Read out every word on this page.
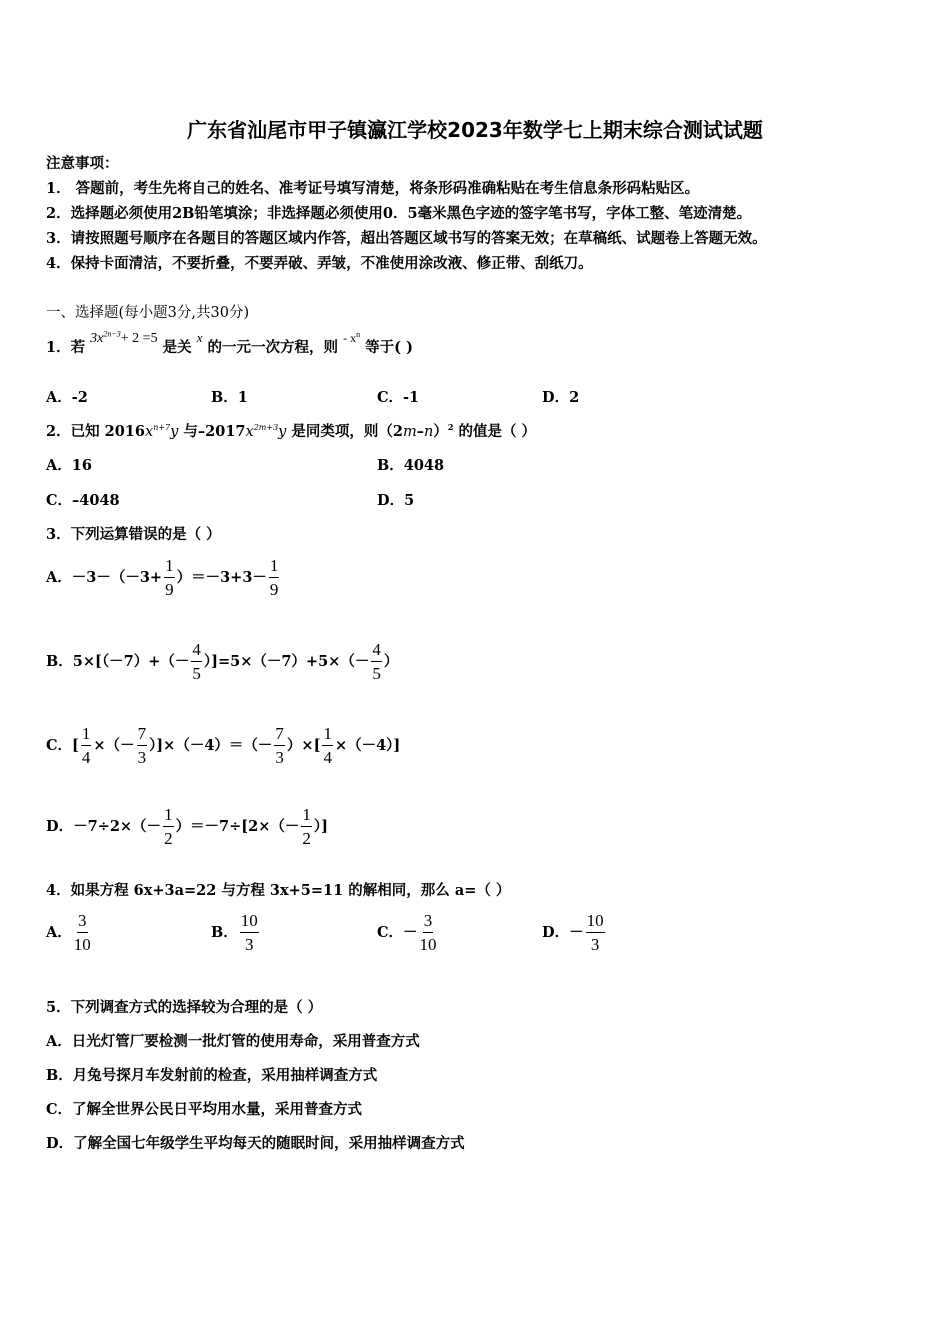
广东省汕尾市甲子镇瀛江学校2023年数学七上期末综合测试试题
注意事项：
1． 答题前，考生先将自己的姓名、准考证号填写清楚，将条形码准确粘贴在考生信息条形码粘贴区。
2．选择题必须使用2B铅笔填涂；非选择题必须使用0．5毫米黑色字迹的签字笔书写，字体工整、笔迹清楚。
3．请按照题号顺序在各题目的答题区域内作答，超出答题区域书写的答案无效；在草稿纸、试题卷上答题无效。
4．保持卡面清洁，不要折叠，不要弄破、弄皱，不准使用涂改液、修正带、刮纸刀。
一、选择题(每小题3分,共30分)
1．若 $3x^{2n-3}+ 2 =5$ 是关 x 的一元一次方程，则 $^{- x^n}$ 等于( )
A．-2	B．1	C．-1	D．2
2．已知 $2016x^{n+7}y$ 与$-2017x^{2m+3}y$ 是同类项，则$(2m-n)^2$ 的值是（ ）
A．16	B．4048
C．–4048	D．5
3．下列运算错误的是（ ）
A．$-3-(-3+ \frac{1}{9} )=-3+3- \frac{1}{9}$
B．$5\times[(-7)+(- \frac{4}{5} )]=5\times(-7)+5\times(- \frac{4}{5}$ ）
C．[ $\frac{1}{4}$ ×（－ $\frac{7}{3} )]\times(-4)=(- \frac{7}{3}$ ）×[ $\frac{1}{4} \times(-4)$]
D．$-7\div 2\times(- \frac{1}{2} )=-7\div[2\times(- \frac{1}{2}$ ）]
4．如果方程 6x+3a=22 与方程 3x+5=11 的解相同，那么 a=（ ）
A． $\frac{3}{10}$	B． $\frac{10}{3}$	C．－ $\frac{3}{10}$	D．－ $\frac{10}{3}$
5．下列调查方式的选择较为合理的是（ ）
A．日光灯管厂要检测一批灯管的使用寿命，采用普查方式
B．月兔号探月车发射前的检查，采用抽样调查方式
C．了解全世界公民日平均用水量，采用普查方式
D．了解全国七年级学生平均每天的随眠时间，采用抽样调查方式
